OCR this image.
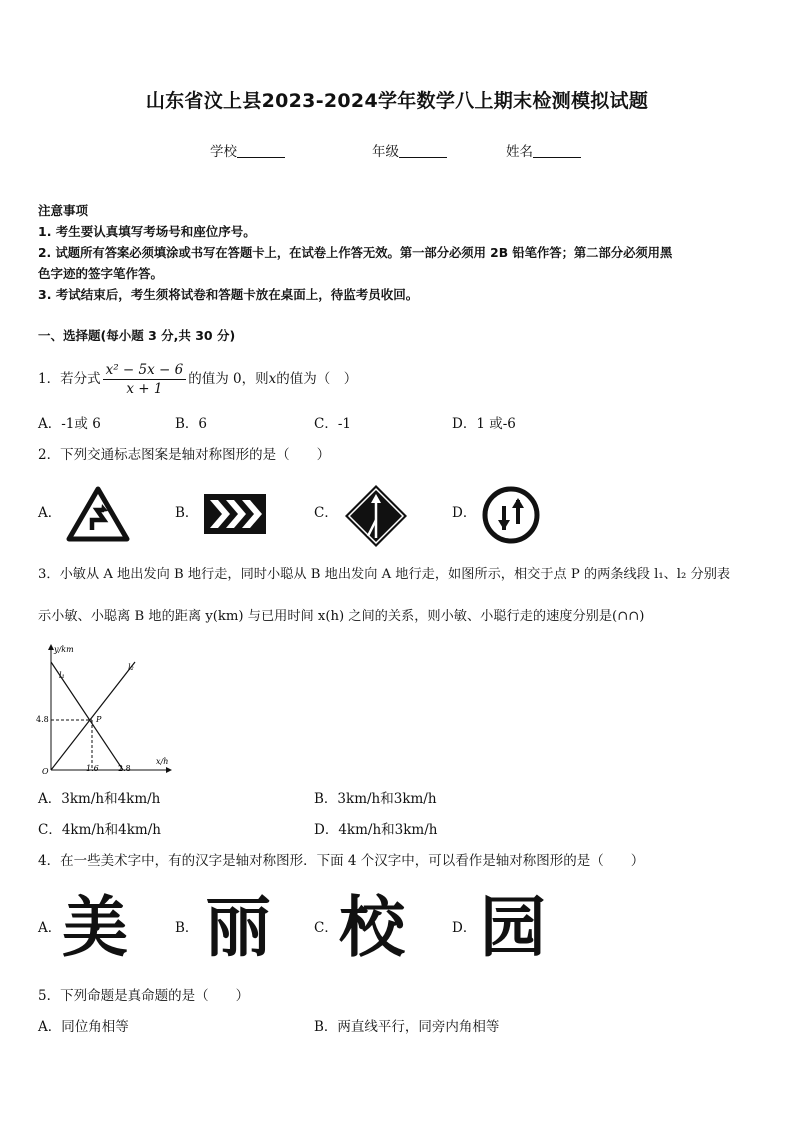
山东省汶上县2023-2024学年数学八上期末检测模拟试题
学校	年级	姓名
注意事项
1. 考生要认真填写考场号和座位序号。
2. 试题所有答案必须填涂或书写在答题卡上，在试卷上作答无效。第一部分必须用 2B 铅笔作答；第二部分必须用黑
色字迹的签字笔作答。
3. 考试结束后，考生须将试卷和答题卡放在桌面上，待监考员收回。
一、选择题(每小题 3 分,共 30 分)
1．若分式 $\frac{\text{x² − 5x − 6}}{x + 1}$ 的值为 0，则x的值为（　）
A．-1或 6	B．6	C．-1	D．1 或-6
2．下列交通标志图案是轴对称图形的是（　　）
A．	B．	C．	D．
3．小敏从 A 地出发向 B 地行走，同时小聪从 B 地出发向 A 地行走，如图所示，相交于点 P 的两条线段 l₁、l₂ 分别表
示小敏、小聪离 B 地的距离 y(km) 与已用时间 x(h) 之间的关系，则小敏、小聪行走的速度分别是(∩∩)
y/km
x/h
O
4.8
1.6 2.8
l₁
l₂
P
A．3km/h和4km/h	B．3km/h和3km/h
C．4km/h和4km/h	D．4km/h和3km/h
4．在一些美术字中，有的汉字是轴对称图形．下面 4 个汉字中，可以看作是轴对称图形的是（　　）
A．	B．	C．	D．
美 丽 校 园
5．下列命题是真命题的是（　　）
A．同位角相等	B．两直线平行，同旁内角相等
